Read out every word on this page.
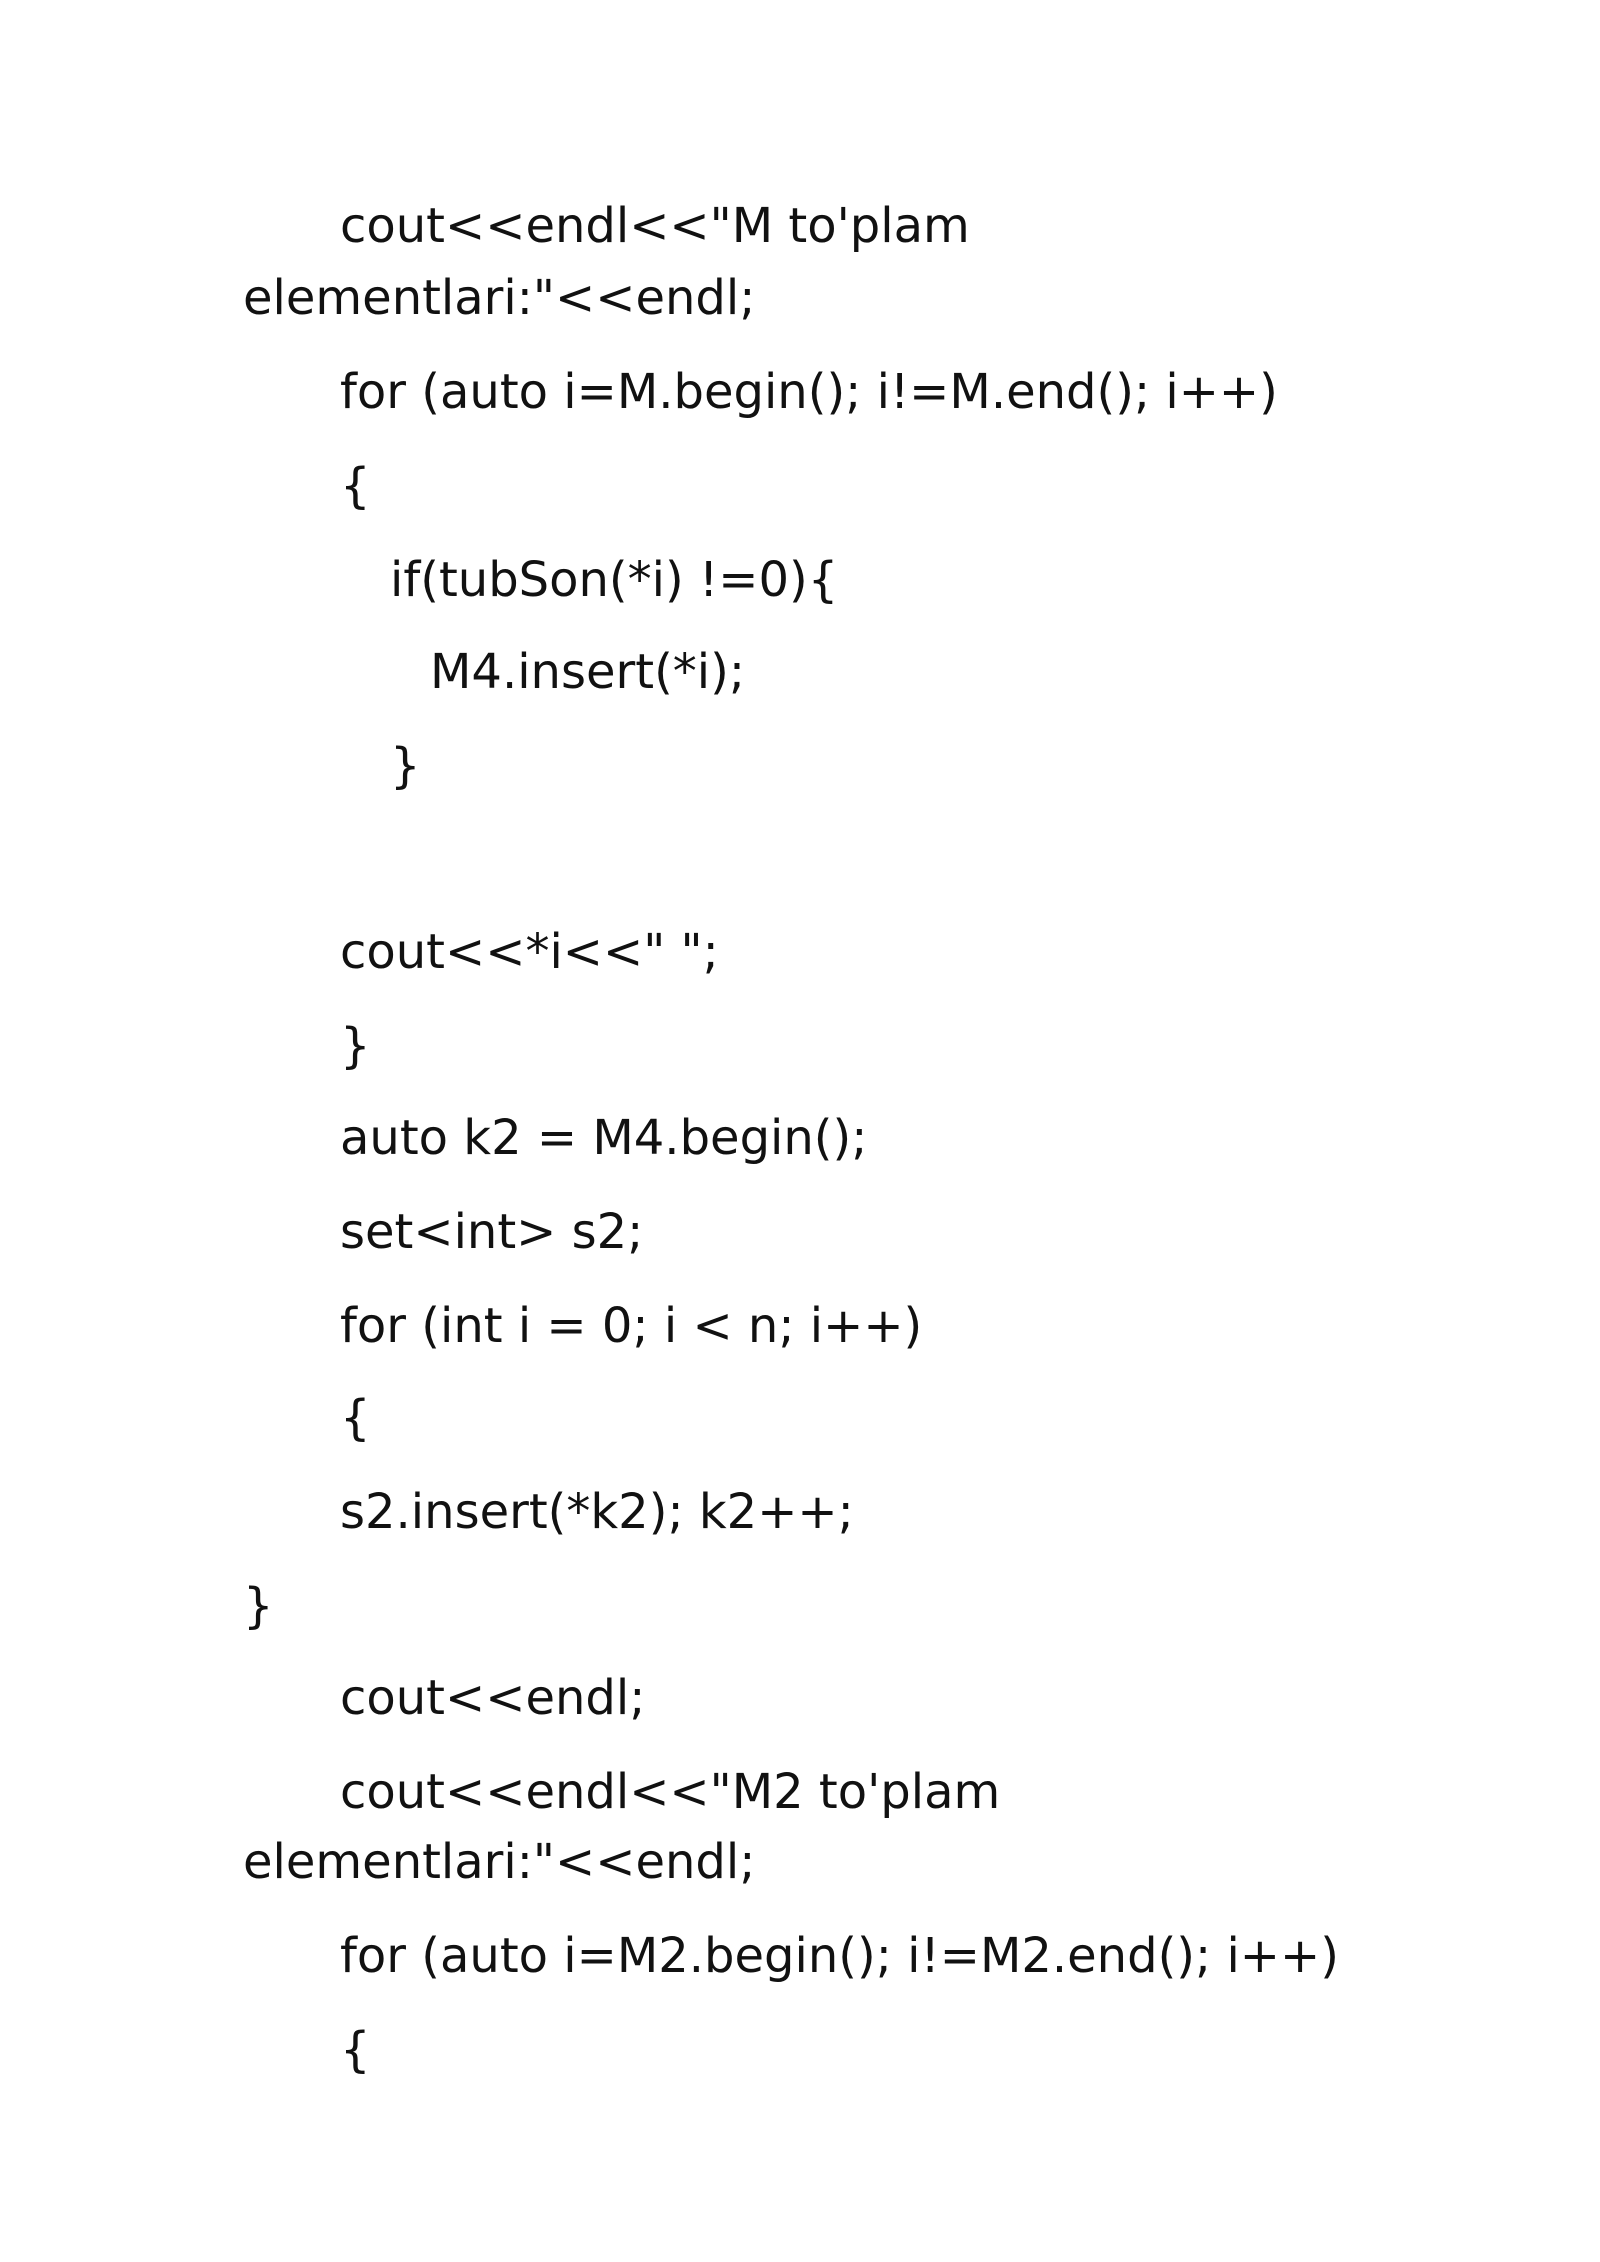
cout<<endl<<"M to'plam

elementlari:"<<endl;

for (auto i=M.begin(); i!=M.end(); i++)

{

if(tubSon(*i) !=0){

M4.insert(*i);

}

cout<<*i<<" ";

}

auto k2 = M4.begin();

set<int> s2;

for (int i = 0; i < n; i++)

{

s2.insert(*k2); k2++;

}

cout<<endl;

cout<<endl<<"M2 to'plam

elementlari:"<<endl;

for (auto i=M2.begin(); i!=M2.end(); i++)

{
